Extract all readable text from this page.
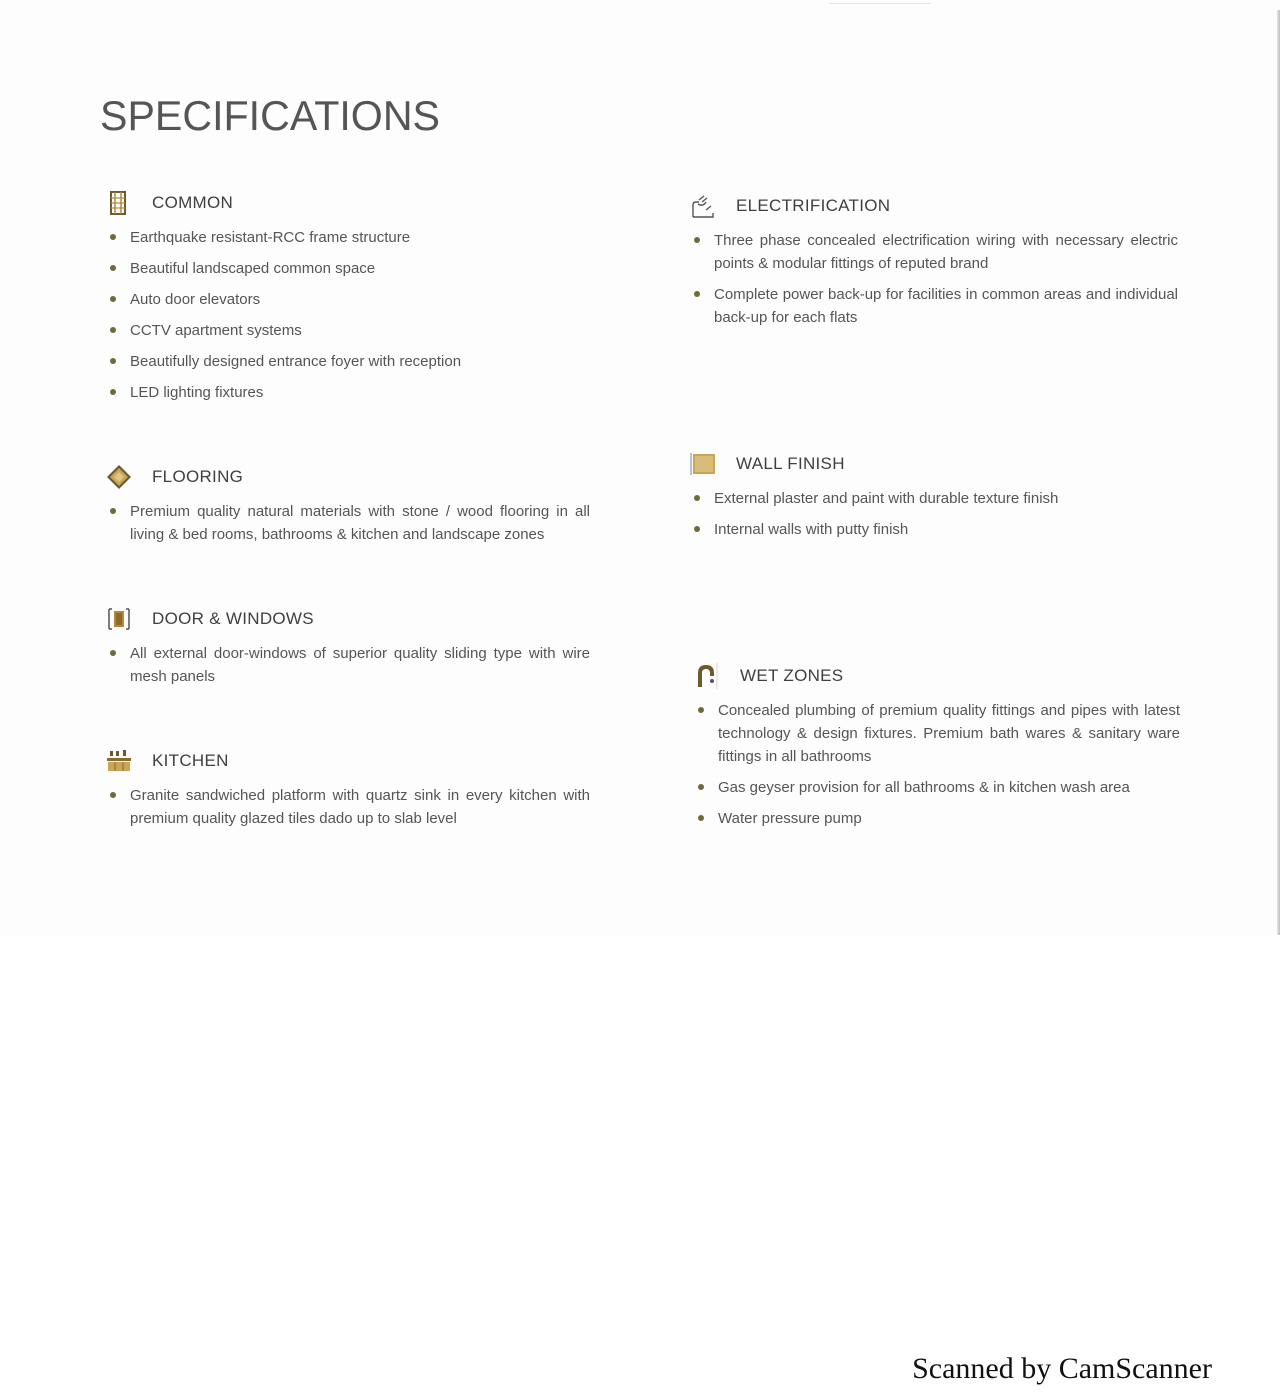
SPECIFICATIONS
COMMON
Earthquake resistant-RCC frame structure
Beautiful landscaped common space
Auto door elevators
CCTV apartment systems
Beautifully designed entrance foyer with reception
LED lighting fixtures
FLOORING
Premium quality natural materials with stone / wood flooring in all living & bed rooms, bathrooms & kitchen and landscape zones
DOOR & WINDOWS
All external door-windows of superior quality sliding type with wire mesh panels
KITCHEN
Granite sandwiched platform with quartz sink in every kitchen with premium quality glazed tiles dado up to slab level
ELECTRIFICATION
Three phase concealed electrification wiring with necessary electric points & modular fittings of reputed brand
Complete power back-up for facilities in common areas and individual back-up for each flats
WALL FINISH
External plaster and paint with durable texture finish
Internal walls with putty finish
WET ZONES
Concealed plumbing of premium quality fittings and pipes with latest technology & design fixtures. Premium bath wares & sanitary ware fittings in all bathrooms
Gas geyser provision for all bathrooms & in kitchen wash area
Water pressure pump
Scanned by CamScanner
